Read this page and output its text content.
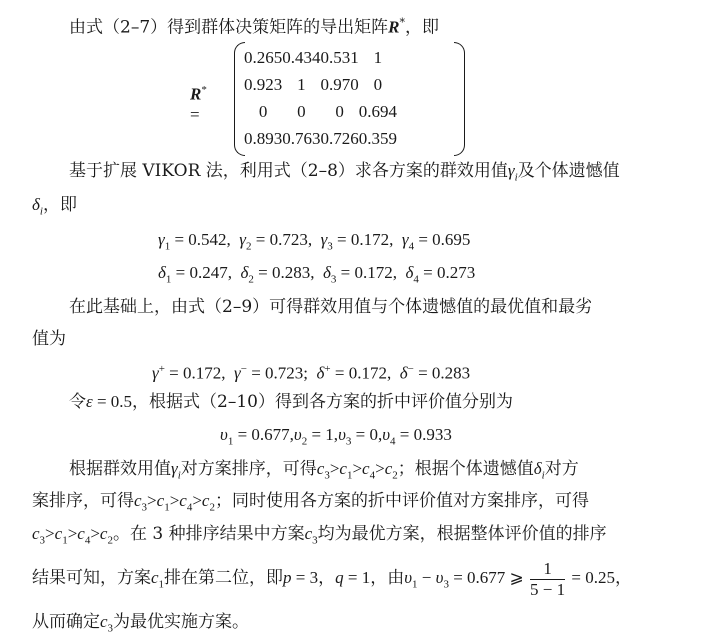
由式（2–7）得到群体决策矩阵的导出矩阵R*，即
R* =
0.265	0.434	0.531	1
0.923	1	0.970	0
0	0	0	0.694
0.893	0.763	0.726	0.359
基于扩展 VIKOR 法，利用式（2–8）求各方案的群效用值$\gamma_i$及个体遗憾值
$\delta_i$，即
$\gamma_1 = 0.542$, $\gamma_2 = 0.723$, $\gamma_3 = 0.172$, $\gamma_4 = 0.695$
$\delta_1 = 0.247$, $\delta_2 = 0.283$, $\delta_3 = 0.172$, $\delta_4 = 0.273$
在此基础上，由式（2–9）可得群效用值与个体遗憾值的最优值和最劣
值为
γ+ = 0.172, γ− = 0.723; δ+ = 0.172, δ− = 0.283
令ε = 0.5，根据式（2–10）得到各方案的折中评价值分别为
$\upsilon_1 = 0.677,\upsilon_2 = 1,\upsilon_3 = 0,\upsilon_4 = 0.933$
根据群效用值$\gamma_i$对方案排序，可得$c_3>c_1>c_4>c_2$；根据个体遗憾值$\delta_i$对方
案排序，可得$c_3>c_1>c_4>c_2$；同时使用各方案的折中评价值对方案排序，可得
$c_3>c_1>c_4>c_2$。在 3 种排序结果中方案$c_3$均为最优方案，根据整体评价值的排序
结果可知，方案$c_1$排在第二位，即p = 3，q = 1，由$\upsilon_1 - \upsilon_3 = 0.677$ ⩾ $\frac{1}{5 - 1} = 0.25$，
从而确定$c_3$为最优实施方案。
